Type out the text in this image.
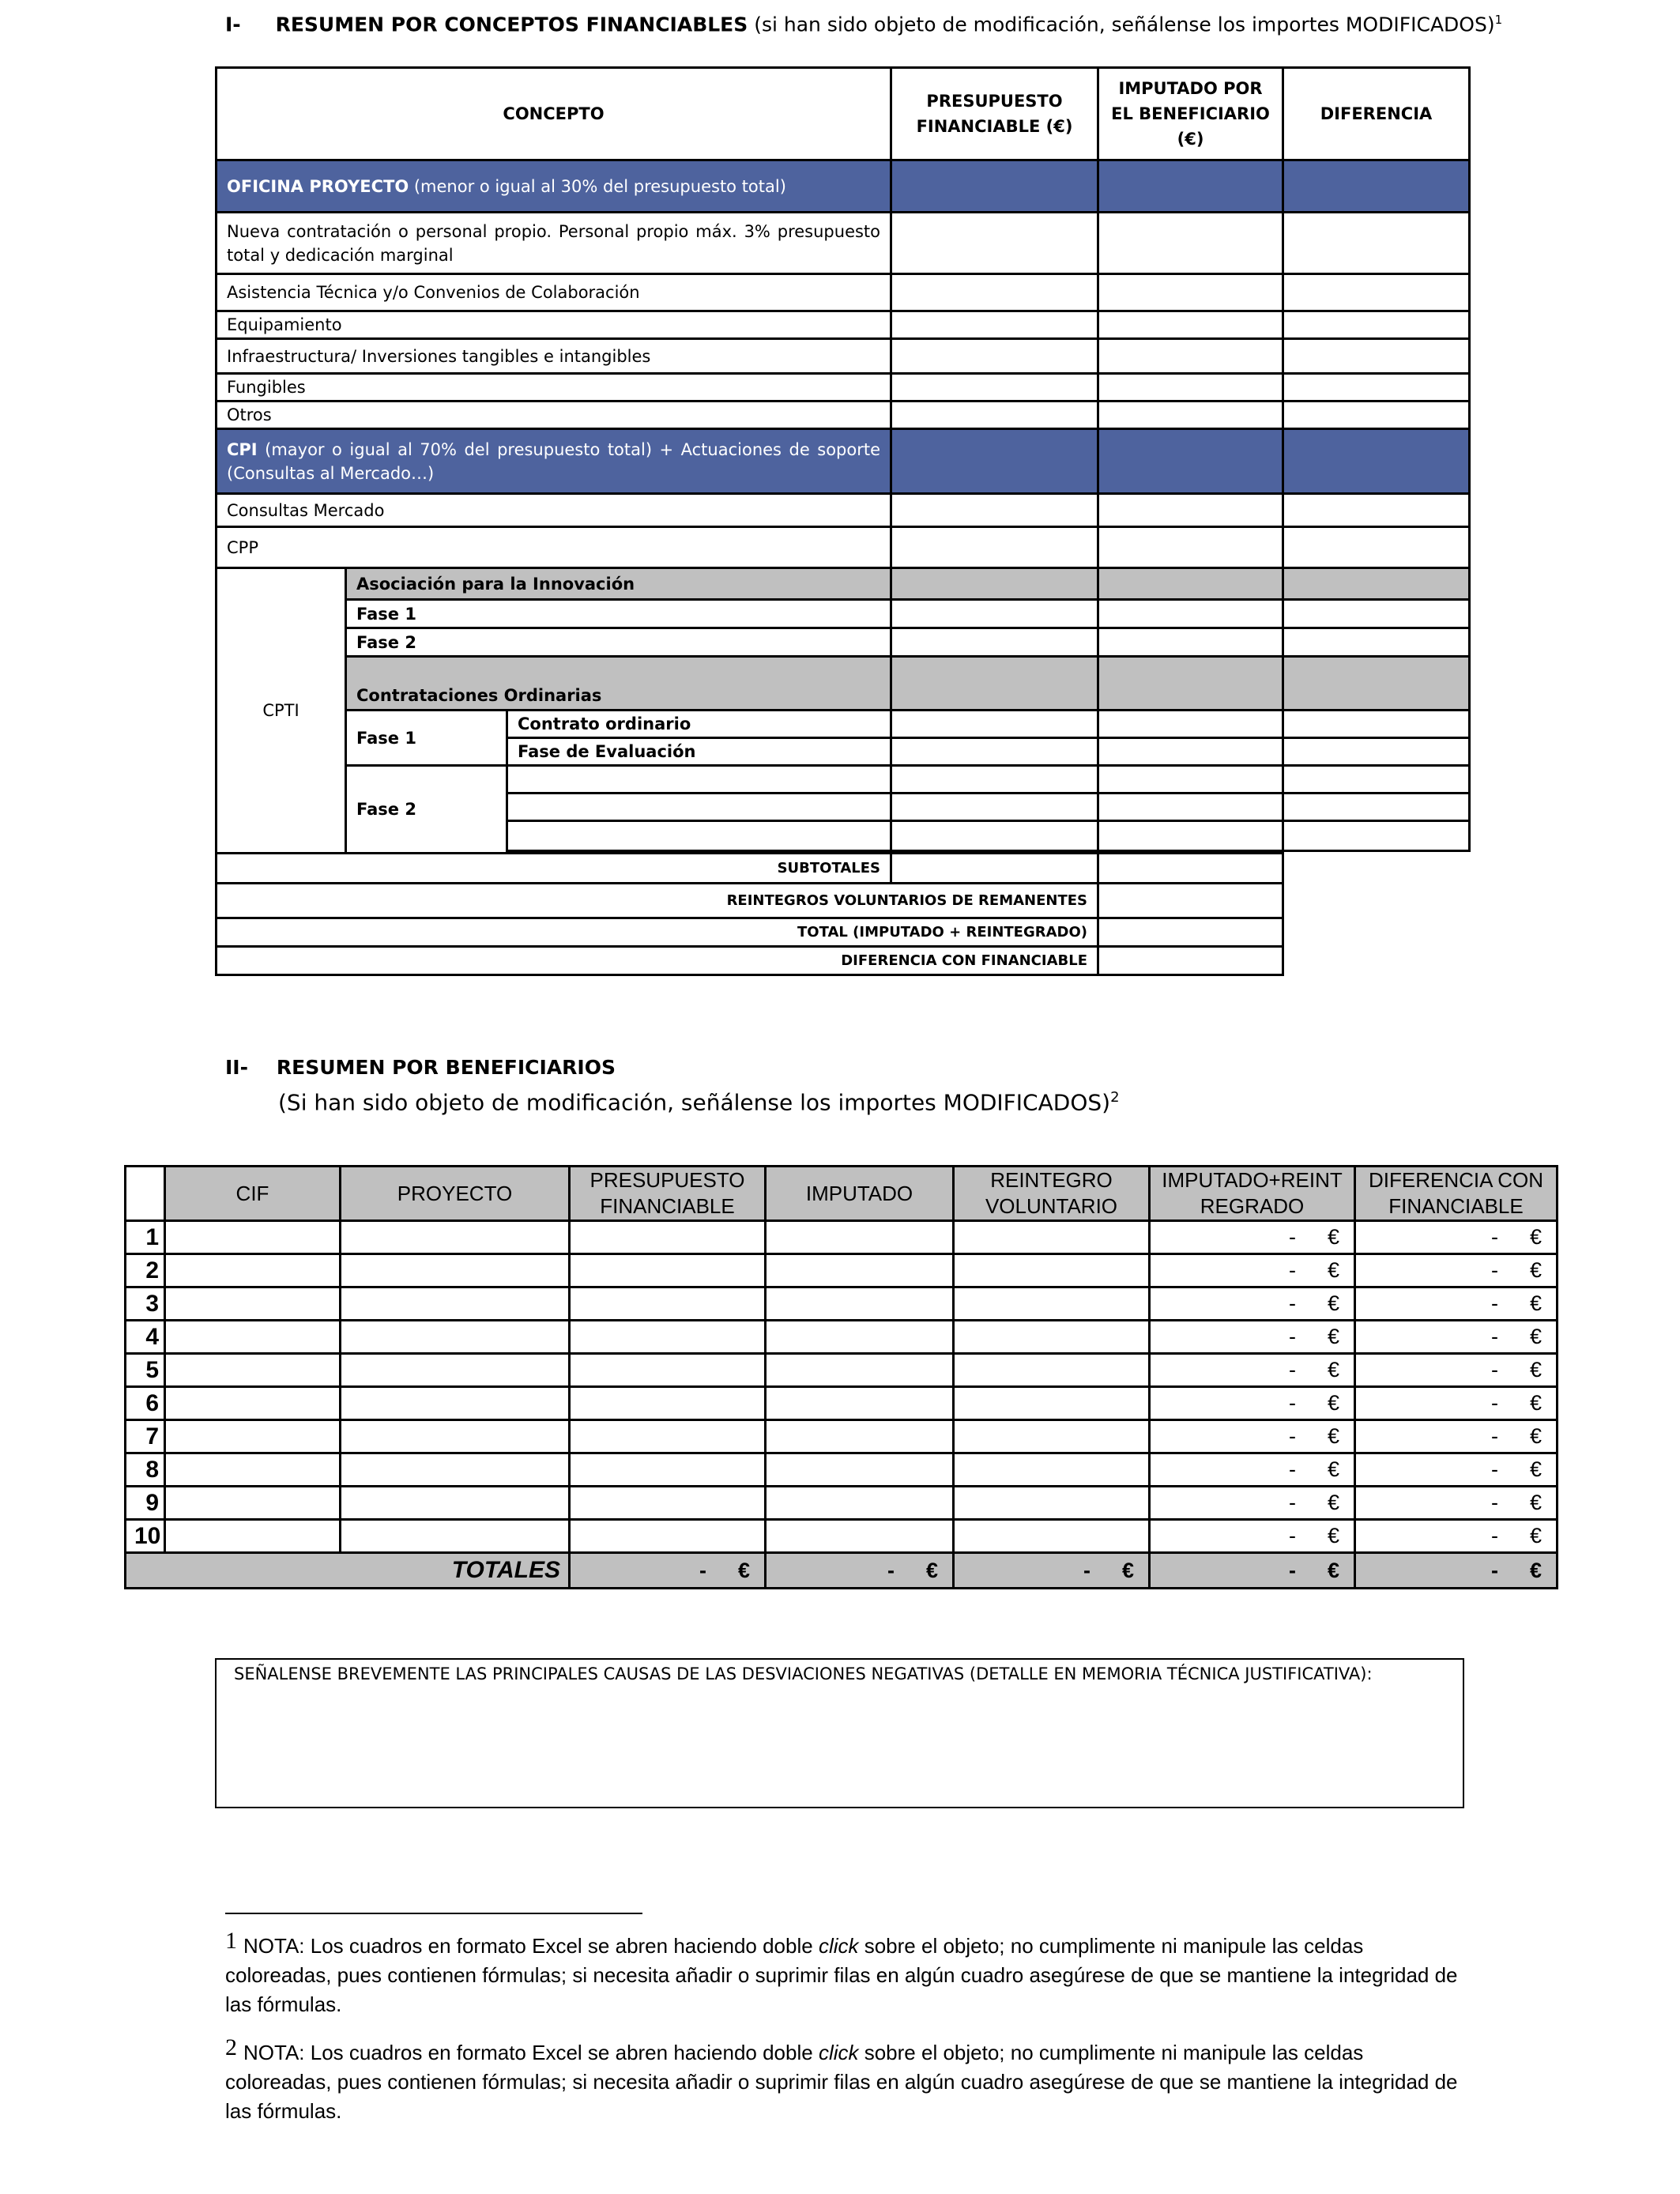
I- RESUMEN POR CONCEPTOS FINANCIABLES (si han sido objeto de modificación, señálense los importes MODIFICADOS)$^1$
CONCEPTO			PRESUPUESTO FINANCIABLE (€)	IMPUTADO POR EL BENEFICIARIO (€)	DIFERENCIA
OFICINA PROYECTO (menor o igual al 30% del presupuesto total)					
Nueva contratación o personal propio. Personal propio máx. 3% presupuesto total y dedicación marginal					
Asistencia Técnica y/o Convenios de Colaboración					
Equipamiento					
Infraestructura/ Inversiones tangibles e intangibles					
Fungibles					
Otros					
CPI (mayor o igual al 70% del presupuesto total) + Actuaciones de soporte (Consultas al Mercado…)					
Consultas Mercado					
CPP					
CPTI	Asociación para la Innovación				
	Fase 1				
	Fase 2				
	Contrataciones Ordinarias				
	Fase 1	Contrato ordinario			
		Fase de Evaluación			
	Fase 2				

SUBTOTALES					
REINTEGROS VOLUNTARIOS DE REMANENTES					
TOTAL (IMPUTADO + REINTEGRADO)					
DIFERENCIA CON FINANCIABLE					
II- RESUMEN POR BENEFICIARIOS
(Si han sido objeto de modificación, señálense los importes MODIFICADOS)$^2$
	CIF	PROYECTO	PRESUPUESTO FINANCIABLE	IMPUTADO	REINTEGRO VOLUNTARIO	IMPUTADO+REINTREGRADO	DIFERENCIA CON FINANCIABLE
1						- €	- €
2						- €	- €
3						- €	- €
4						- €	- €
5						- €	- €
6						- €	- €
7						- €	- €
8						- €	- €
9						- €	- €
10						- €	- €
TOTALES			- €	- €	- €	- €	- €
SEÑALENSE BREVEMENTE LAS PRINCIPALES CAUSAS DE LAS DESVIACIONES NEGATIVAS (DETALLE EN MEMORIA TÉCNICA JUSTIFICATIVA):
1 NOTA: Los cuadros en formato Excel se abren haciendo doble click sobre el objeto; no cumplimente ni manipule las celdas coloreadas, pues contienen fórmulas; si necesita añadir o suprimir filas en algún cuadro asegúrese de que se mantiene la integridad de las fórmulas.
2 NOTA: Los cuadros en formato Excel se abren haciendo doble click sobre el objeto; no cumplimente ni manipule las celdas coloreadas, pues contienen fórmulas; si necesita añadir o suprimir filas en algún cuadro asegúrese de que se mantiene la integridad de las fórmulas.
